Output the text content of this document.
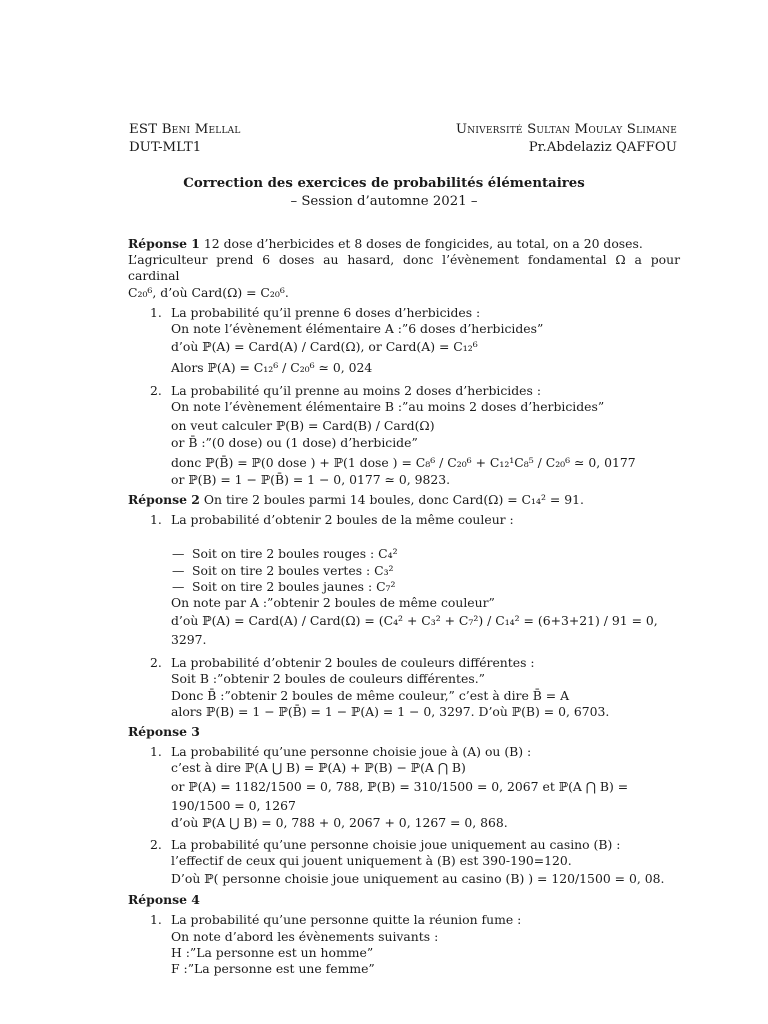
EST Beni Mellal	Université Sultan Moulay Slimane
DUT-MLT1	Pr.Abdelaziz QAFFOU
Correction des exercices de probabilités élémentaires
– Session d’automne 2021 –
Réponse 1 12 dose d’herbicides et 8 doses de fongicides, au total, on a 20 doses.
L’agriculteur prend 6 doses au hasard, donc l’évènement fondamental Ω a pour cardinal
C₂₀⁶, d’où Card(Ω) = C₂₀⁶.
1. La probabilité qu’il prenne 6 doses d’herbicides :
On note l’évènement élémentaire A :”6 doses d’herbicides”
d’où ℙ(A) = Card(A) / Card(Ω), or Card(A) = C₁₂⁶
Alors ℙ(A) = C₁₂⁶ / C₂₀⁶ ≃ 0, 024
2. La probabilité qu’il prenne au moins 2 doses d’herbicides :
On note l’évènement élémentaire B :”au moins 2 doses d’herbicides”
on veut calculer ℙ(B) = Card(B) / Card(Ω)
or B̄ :”(0 dose) ou (1 dose) d’herbicide”
donc ℙ(B̄) = ℙ(0 dose ) + ℙ(1 dose ) = C₈⁶ / C₂₀⁶ + C₁₂¹C₈⁵ / C₂₀⁶ ≃ 0, 0177
or ℙ(B) = 1 − ℙ(B̄) = 1 − 0, 0177 ≃ 0, 9823.
Réponse 2 On tire 2 boules parmi 14 boules, donc Card(Ω) = C₁₄² = 91.
1. La probabilité d’obtenir 2 boules de la même couleur :
— Soit on tire 2 boules rouges : C₄²
— Soit on tire 2 boules vertes : C₃²
— Soit on tire 2 boules jaunes : C₇²
On note par A :”obtenir 2 boules de même couleur”
d’où ℙ(A) = Card(A) / Card(Ω) = (C₄² + C₃² + C₇²) / C₁₄² = (6+3+21) / 91 = 0, 3297.
2. La probabilité d’obtenir 2 boules de couleurs différentes :
Soit B :”obtenir 2 boules de couleurs différentes.”
Donc B̄ :”obtenir 2 boules de même couleur,” c’est à dire B̄ = A
alors ℙ(B) = 1 − ℙ(B̄) = 1 − ℙ(A) = 1 − 0, 3297. D’où ℙ(B) = 0, 6703.
Réponse 3
1. La probabilité qu’une personne choisie joue à (A) ou (B) :
c’est à dire ℙ(A ⋃ B) = ℙ(A) + ℙ(B) − ℙ(A ⋂ B)
or ℙ(A) = 1182/1500 = 0, 788, ℙ(B) = 310/1500 = 0, 2067 et ℙ(A ⋂ B) = 190/1500 = 0, 1267
d’où ℙ(A ⋃ B) = 0, 788 + 0, 2067 + 0, 1267 = 0, 868.
2. La probabilité qu’une personne choisie joue uniquement au casino (B) :
l’effectif de ceux qui jouent uniquement à (B) est 390-190=120.
D’où ℙ( personne choisie joue uniquement au casino (B) ) = 120/1500 = 0, 08.
Réponse 4
1. La probabilité qu’une personne quitte la réunion fume :
On note d’abord les évènements suivants :
H :”La personne est un homme”
F :”La personne est une femme”
